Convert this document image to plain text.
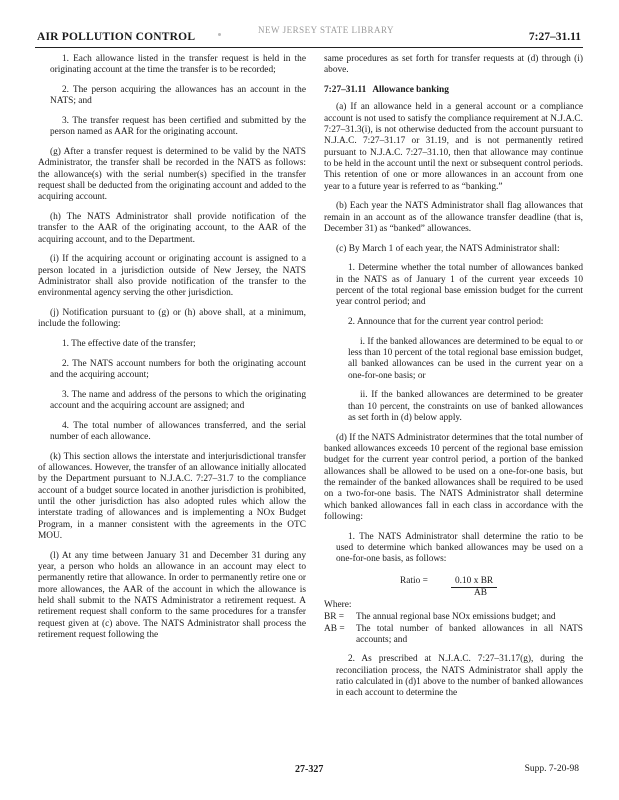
AIR POLLUTION CONTROL
NEW JERSEY STATE LIBRARY
7:27–31.11

1. Each allowance listed in the transfer request is held in the originating account at the time the transfer is to be recorded;

2. The person acquiring the allowances has an account in the NATS; and

3. The transfer request has been certified and submitted by the person named as AAR for the originating account.

(g) After a transfer request is determined to be valid by the NATS Administrator, the transfer shall be recorded in the NATS as follows: the allowance(s) with the serial number(s) specified in the transfer request shall be deducted from the originating account and added to the acquiring account.

(h) The NATS Administrator shall provide notification of the transfer to the AAR of the originating account, to the AAR of the acquiring account, and to the Department.

(i) If the acquiring account or originating account is assigned to a person located in a jurisdiction outside of New Jersey, the NATS Administrator shall also provide notification of the transfer to the environmental agency serving the other jurisdiction.

(j) Notification pursuant to (g) or (h) above shall, at a minimum, include the following:

1. The effective date of the transfer;

2. The NATS account numbers for both the originating account and the acquiring account;

3. The name and address of the persons to which the originating account and the acquiring account are assigned; and

4. The total number of allowances transferred, and the serial number of each allowance.

(k) This section allows the interstate and interjurisdictional transfer of allowances. However, the transfer of an allowance initially allocated by the Department pursuant to N.J.A.C. 7:27–31.7 to the compliance account of a budget source located in another jurisdiction is prohibited, until the other jurisdiction has also adopted rules which allow the interstate trading of allowances and is implementing a NOx Budget Program, in a manner consistent with the agreements in the OTC MOU.

(l) At any time between January 31 and December 31 during any year, a person who holds an allowance in an account may elect to permanently retire that allowance. In order to permanently retire one or more allowances, the AAR of the account in which the allowance is held shall submit to the NATS Administrator a retirement request. A retirement request shall conform to the same procedures for a transfer request given at (c) above. The NATS Administrator shall process the retirement request following the

same procedures as set forth for transfer requests at (d) through (i) above.

7:27–31.11 Allowance banking

(a) If an allowance held in a general account or a compliance account is not used to satisfy the compliance requirement at N.J.A.C. 7:27–31.3(i), is not otherwise deducted from the account pursuant to N.J.A.C. 7:27–31.17 or 31.19, and is not permanently retired pursuant to N.J.A.C. 7:27–31.10, then that allowance may continue to be held in the account until the next or subsequent control periods. This retention of one or more allowances in an account from one year to a future year is referred to as “banking.”

(b) Each year the NATS Administrator shall flag allowances that remain in an account as of the allowance transfer deadline (that is, December 31) as “banked” allowances.

(c) By March 1 of each year, the NATS Administrator shall:

1. Determine whether the total number of allowances banked in the NATS as of January 1 of the current year exceeds 10 percent of the total regional base emission budget for the current year control period; and

2. Announce that for the current year control period:

i. If the banked allowances are determined to be equal to or less than 10 percent of the total regional base emission budget, all banked allowances can be used in the current year on a one-for-one basis; or

ii. If the banked allowances are determined to be greater than 10 percent, the constraints on use of banked allowances as set forth in (d) below apply.

(d) If the NATS Administrator determines that the total number of banked allowances exceeds 10 percent of the regional base emission budget for the current year control period, a portion of the banked allowances shall be allowed to be used on a one-for-one basis, but the remainder of the banked allowances shall be required to be used on a two-for-one basis. The NATS Administrator shall determine which banked allowances fall in each class in accordance with the following:

1. The NATS Administrator shall determine the ratio to be used to determine which banked allowances may be used on a one-for-one basis, as follows:

Ratio =	0.10 x BR
AB
Where:
BR =	The annual regional base NOx emissions budget; and
AB =	The total number of banked allowances in all NATS accounts; and

2. As prescribed at N.J.A.C. 7:27–31.17(g), during the reconciliation process, the NATS Administrator shall apply the ratio calculated in (d)1 above to the number of banked allowances in each account to determine the

27-327	Supp. 7-20-98
